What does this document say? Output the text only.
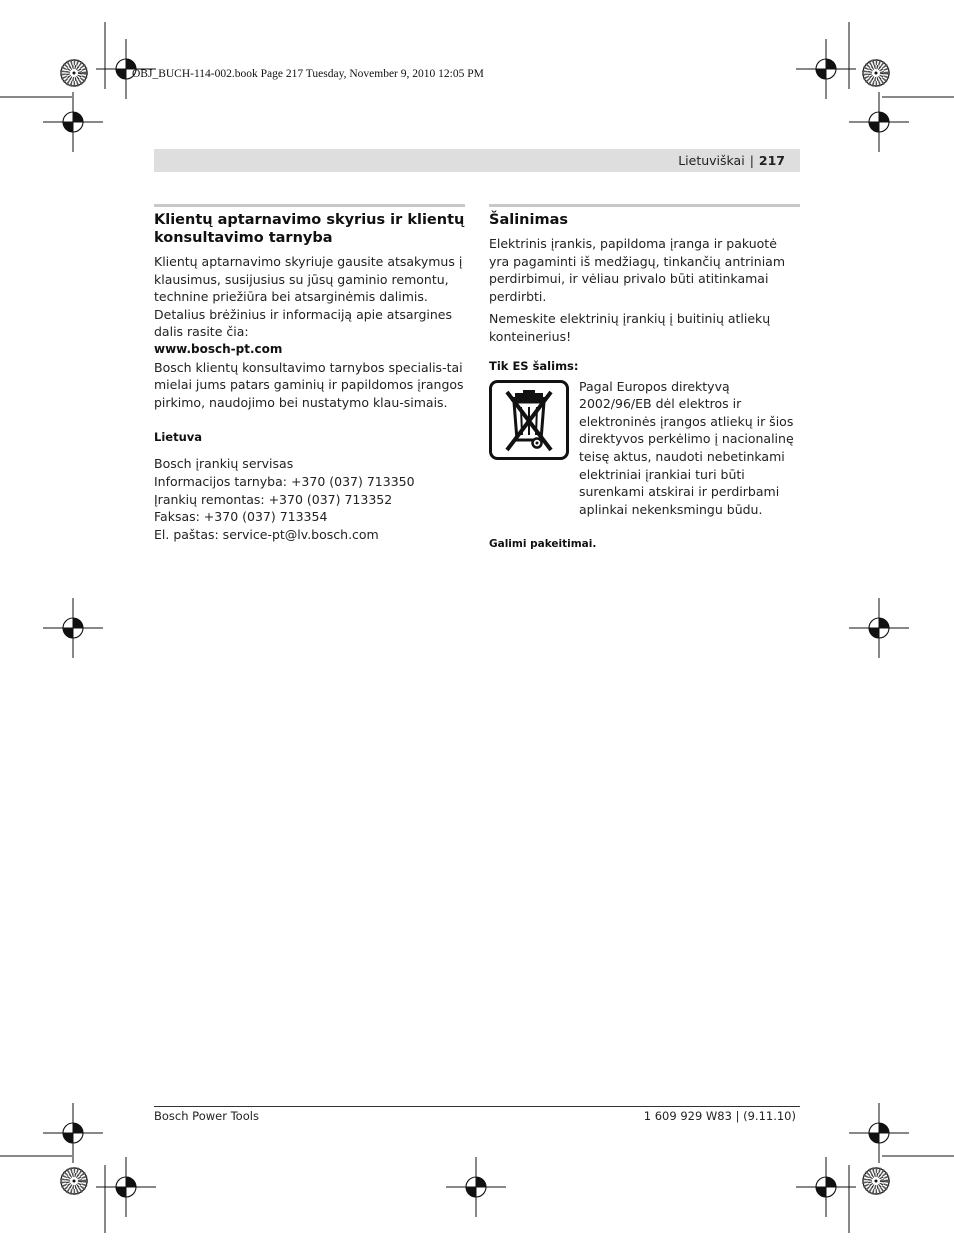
OBJ_BUCH-114-002.book Page 217 Tuesday, November 9, 2010 12:05 PM
Lietuviškai | 217
Klientų aptarnavimo skyrius ir klientų konsultavimo tarnyba

Klientų aptarnavimo skyriuje gausite atsakymus į klausimus, susijusius su jūsų gaminio remontu, technine priežiūra bei atsarginėmis dalimis. Detalius brėžinius ir informaciją apie atsargines dalis rasite čia:

www.bosch-pt.com

Bosch klientų konsultavimo tarnybos specialis-tai mielai jums patars gaminių ir papildomos įrangos pirkimo, naudojimo bei nustatymo klau-simais.

Lietuva

Bosch įrankių servisas

Informacijos tarnyba: +370 (037) 713350

Įrankių remontas: +370 (037) 713352

Faksas: +370 (037) 713354

El. paštas: service-pt@lv.bosch.com

Šalinimas

Elektrinis įrankis, papildoma įranga ir pakuotė yra pagaminti iš medžiagų, tinkančių antriniam perdirbimui, ir vėliau privalo būti atitinkamai perdirbti.

Nemeskite elektrinių įrankių į buitinių atliekų konteinerius!

Tik ES šalims:

Pagal Europos direktyvą 2002/96/EB dėl elektros ir elektroninės įrangos atliekų ir šios direktyvos perkėlimo į nacionalinę teisę aktus, naudoti nebetinkami elektriniai įrankiai turi būti surenkami atskirai ir perdirbami aplinkai nekenksmingu būdu.

Galimi pakeitimai.
Bosch Power Tools	1 609 929 W83 | (9.11.10)
